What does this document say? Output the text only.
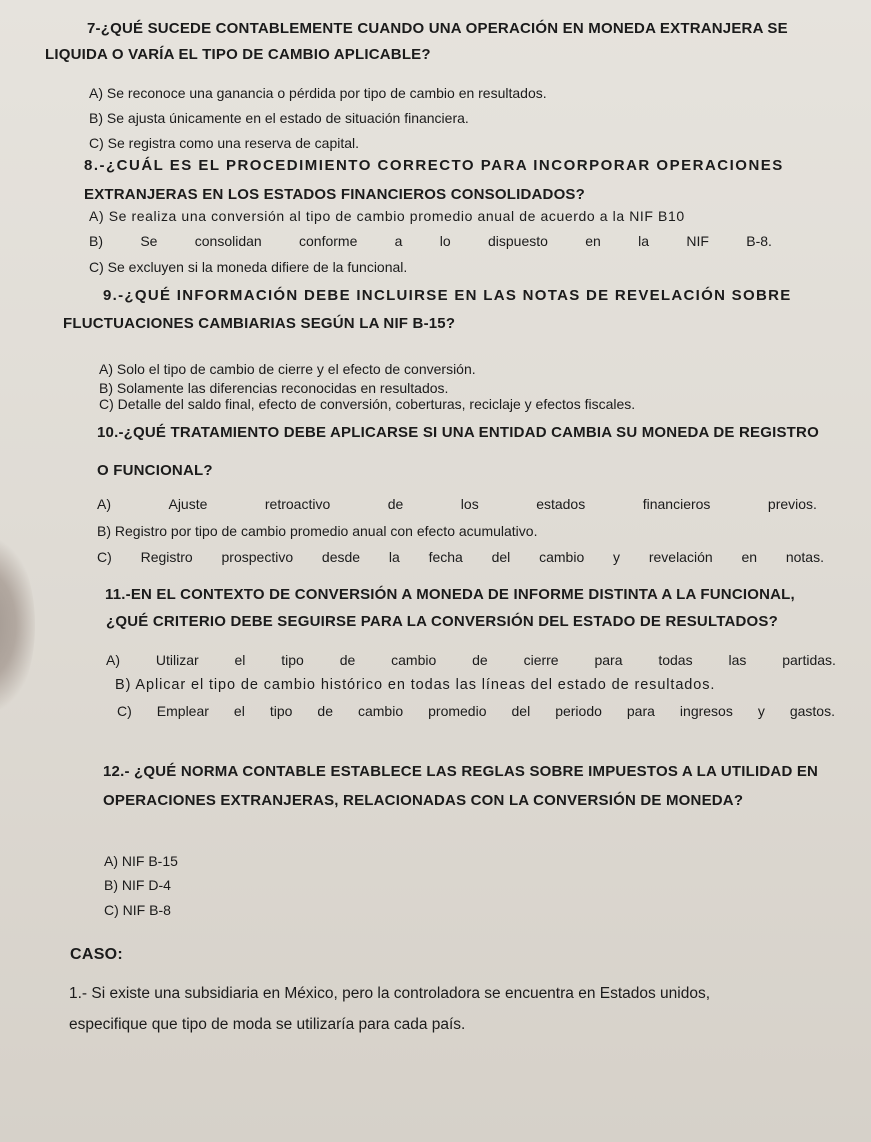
7-¿QUÉ SUCEDE CONTABLEMENTE CUANDO UNA OPERACIÓN EN MONEDA EXTRANJERA SE
LIQUIDA O VARÍA EL TIPO DE CAMBIO APLICABLE?
A) Se reconoce una ganancia o pérdida por tipo de cambio en resultados.
B) Se ajusta únicamente en el estado de situación financiera.
C) Se registra como una reserva de capital.
8.-¿CUÁL ES EL PROCEDIMIENTO CORRECTO PARA INCORPORAR OPERACIONES
EXTRANJERAS EN LOS ESTADOS FINANCIEROS CONSOLIDADOS?
A) Se realiza una conversión al tipo de cambio promedio anual de acuerdo a la NIF B10
B)	Se	consolidan	conforme	a	lo	dispuesto	en	la	NIF	B-8.
C) Se excluyen si la moneda difiere de la funcional.
9.-¿QUÉ INFORMACIÓN DEBE INCLUIRSE EN LAS NOTAS DE REVELACIÓN SOBRE
FLUCTUACIONES CAMBIARIAS SEGÚN LA NIF B-15?
A) Solo el tipo de cambio de cierre y el efecto de conversión.
B) Solamente las diferencias reconocidas en resultados.
C) Detalle del saldo final, efecto de conversión, coberturas, reciclaje y efectos fiscales.
10.-¿QUÉ TRATAMIENTO DEBE APLICARSE SI UNA ENTIDAD CAMBIA SU MONEDA DE REGISTRO
O FUNCIONAL?
A)	Ajuste	retroactivo	de	los	estados	financieros	previos.
B) Registro por tipo de cambio promedio anual con efecto acumulativo.
C) Registro prospectivo desde la fecha del cambio y revelación en notas.
11.-EN EL CONTEXTO DE CONVERSIÓN A MONEDA DE INFORME DISTINTA A LA FUNCIONAL,
¿QUÉ CRITERIO DEBE SEGUIRSE PARA LA CONVERSIÓN DEL ESTADO DE RESULTADOS?
A)	Utilizar	el	tipo	de	cambio	de	cierre	para	todas	las	partidas.
B) Aplicar el tipo de cambio histórico en todas las líneas del estado de resultados.
C) Emplear el tipo de cambio promedio del periodo para ingresos y gastos.
12.- ¿QUÉ NORMA CONTABLE ESTABLECE LAS REGLAS SOBRE IMPUESTOS A LA UTILIDAD EN
OPERACIONES EXTRANJERAS, RELACIONADAS CON LA CONVERSIÓN DE MONEDA?
A) NIF B-15
B) NIF D-4
C) NIF B-8
CASO:
1.- Si existe una subsidiaria en México, pero la controladora se encuentra en Estados unidos,
especifique que tipo de moda se utilizaría para cada país.
